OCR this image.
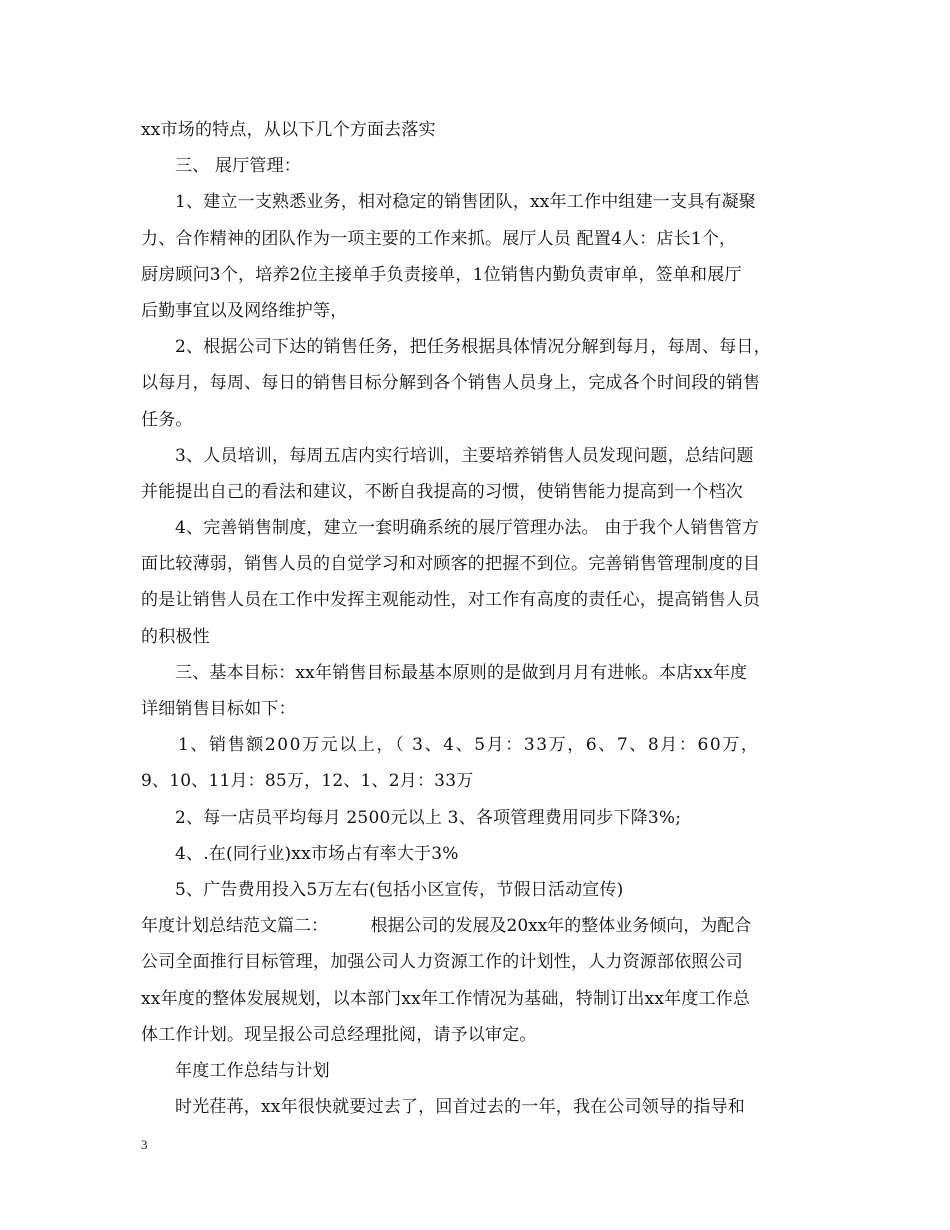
xx市场的特点，从以下几个方面去落实
三、 展厅管理：
1、建立一支熟悉业务，相对稳定的销售团队，xx年工作中组建一支具有凝聚
力、合作精神的团队作为一项主要的工作来抓。展厅人员 配置4人：店长1个，
厨房顾问3个，培养2位主接单手负责接单，1位销售内勤负责审单，签单和展厅
后勤事宜以及网络维护等，
2、根据公司下达的销售任务，把任务根据具体情况分解到每月，每周、每日，
以每月，每周、每日的销售目标分解到各个销售人员身上，完成各个时间段的销售
任务。
3、人员培训，每周五店内实行培训，主要培养销售人员发现问题，总结问题
并能提出自己的看法和建议，不断自我提高的习惯，使销售能力提高到一个档次
4、完善销售制度，建立一套明确系统的展厅管理办法。 由于我个人销售管方
面比较薄弱，销售人员的自觉学习和对顾客的把握不到位。完善销售管理制度的目
的是让销售人员在工作中发挥主观能动性，对工作有高度的责任心，提高销售人员
的积极性
三、基本目标：xx年销售目标最基本原则的是做到月月有进帐。本店xx年度
详细销售目标如下：
1、销售额200万元以上，（ 3、4、5月：33万，6、7、8月：60万，
9、10、11月：85万，12、1、2月：33万
2、每一店员平均每月 2500元以上 3、各项管理费用同步下降3%;
4、.在(同行业)xx市场占有率大于3%
5、广告费用投入5万左右(包括小区宣传，节假日活动宣传)
年度计划总结范文篇二：　　　根据公司的发展及20xx年的整体业务倾向，为配合
公司全面推行目标管理，加强公司人力资源工作的计划性，人力资源部依照公司
xx年度的整体发展规划，以本部门xx年工作情况为基础，特制订出xx年度工作总
体工作计划。现呈报公司总经理批阅，请予以审定。
年度工作总结与计划
时光荏苒，xx年很快就要过去了，回首过去的一年，我在公司领导的指导和
3
